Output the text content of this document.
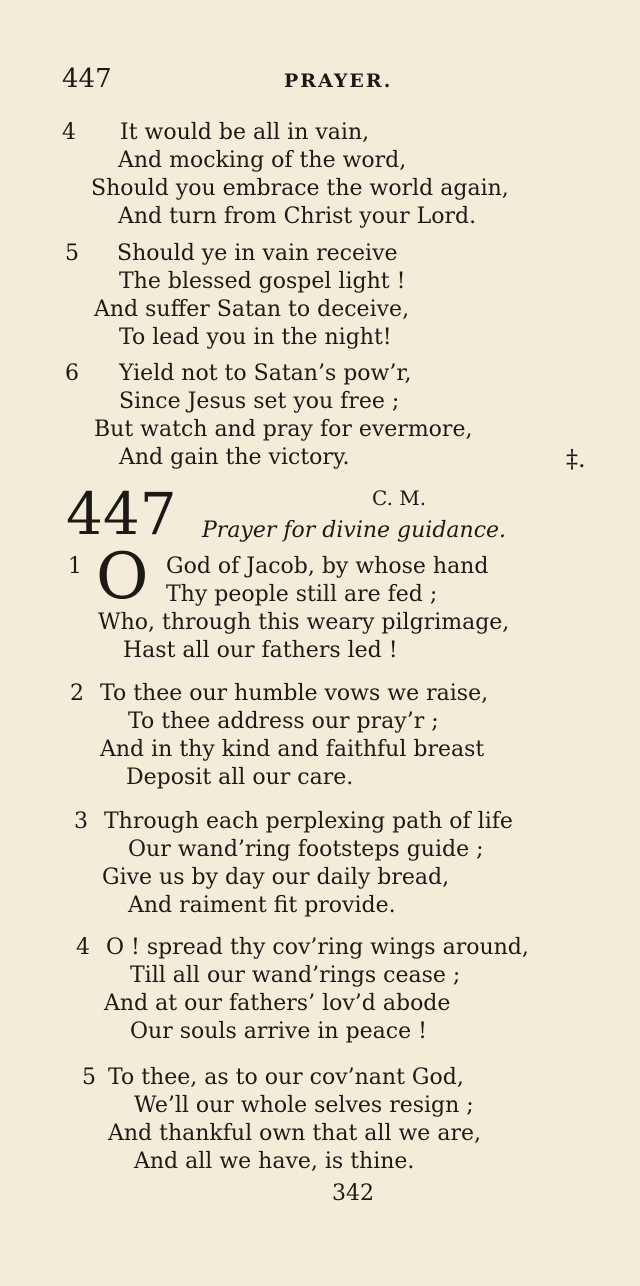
447	PRAYER.
4 It would be all in vain,
And mocking of the word,
Should you embrace the world again,
And turn from Christ your Lord.
5 Should ye in vain receive
The blessed gospel light !
And suffer Satan to deceive,
To lead you in the night!
6 Yield not to Satan’s pow’r,
Since Jesus set you free ;
But watch and pray for evermore,
And gain the victory.	‡.
447	C. M.
Prayer for divine guidance.
1 O God of Jacob, by whose hand
Thy people still are fed ;
Who, through this weary pilgrimage,
Hast all our fathers led !
2 To thee our humble vows we raise,
To thee address our pray’r ;
And in thy kind and faithful breast
Deposit all our care.
3 Through each perplexing path of life
Our wand’ring footsteps guide ;
Give us by day our daily bread,
And raiment fit provide.
4 O ! spread thy cov’ring wings around,
Till all our wand’rings cease ;
And at our fathers’ lov’d abode
Our souls arrive in peace !
5 To thee, as to our cov’nant God,
We’ll our whole selves resign ;
And thankful own that all we are,
And all we have, is thine.
342
